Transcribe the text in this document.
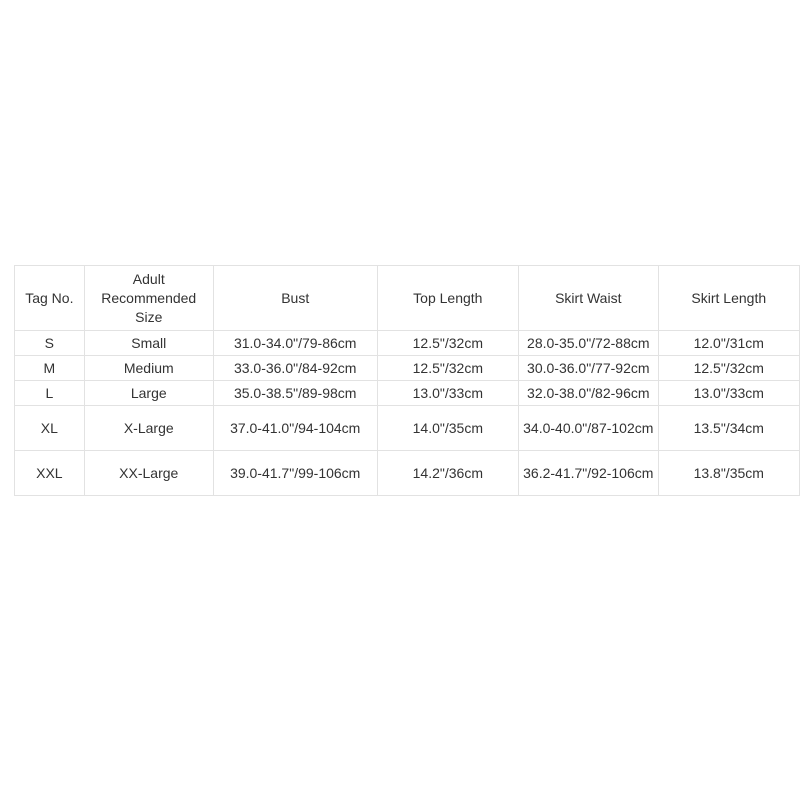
Tag No.	Adult Recommended Size	Bust	Top Length	Skirt Waist	Skirt Length
S	Small	31.0-34.0"/79-86cm	12.5"/32cm	28.0-35.0"/72-88cm	12.0"/31cm
M	Medium	33.0-36.0"/84-92cm	12.5"/32cm	30.0-36.0"/77-92cm	12.5"/32cm
L	Large	35.0-38.5"/89-98cm	13.0"/33cm	32.0-38.0"/82-96cm	13.0"/33cm
XL	X-Large	37.0-41.0"/94-104cm	14.0"/35cm	34.0-40.0"/87-102cm	13.5"/34cm
XXL	XX-Large	39.0-41.7"/99-106cm	14.2"/36cm	36.2-41.7"/92-106cm	13.8"/35cm
